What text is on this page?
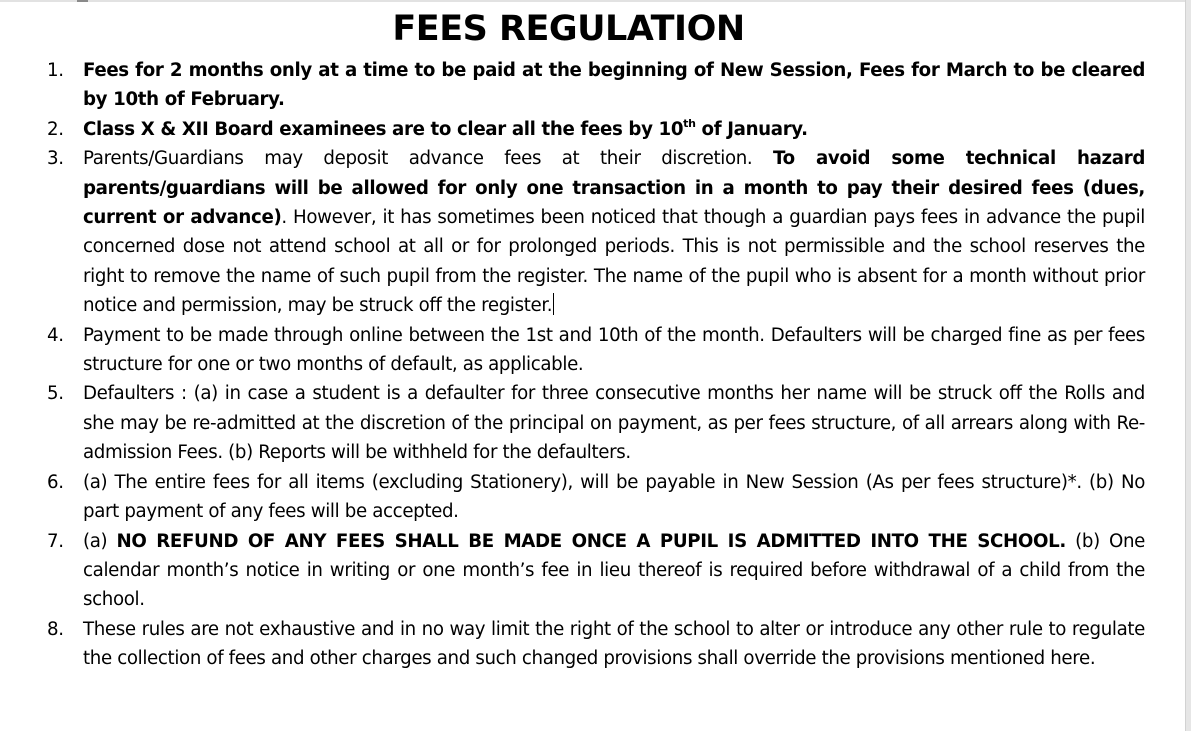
FEES REGULATION
1. Fees for 2 months only at a time to be paid at the beginning of New Session, Fees for March to be cleared by 10th of February.
2. Class X & XII Board examinees are to clear all the fees by 10th of January.
3. Parents/Guardians may deposit advance fees at their discretion. To avoid some technical hazard parents/guardians will be allowed for only one transaction in a month to pay their desired fees (dues, current or advance). However, it has sometimes been noticed that though a guardian pays fees in advance the pupil concerned dose not attend school at all or for prolonged periods. This is not permissible and the school reserves the right to remove the name of such pupil from the register. The name of the pupil who is absent for a month without prior notice and permission, may be struck off the register.
4. Payment to be made through online between the 1st and 10th of the month. Defaulters will be charged fine as per fees structure for one or two months of default, as applicable.
5. Defaulters : (a) in case a student is a defaulter for three consecutive months her name will be struck off the Rolls and she may be re-admitted at the discretion of the principal on payment, as per fees structure, of all arrears along with Re- admission Fees. (b) Reports will be withheld for the defaulters.
6. (a) The entire fees for all items (excluding Stationery), will be payable in New Session (As per fees structure)*. (b) No part payment of any fees will be accepted.
7. (a) NO REFUND OF ANY FEES SHALL BE MADE ONCE A PUPIL IS ADMITTED INTO THE SCHOOL. (b) One calendar month’s notice in writing or one month’s fee in lieu thereof is required before withdrawal of a child from the school.
8. These rules are not exhaustive and in no way limit the right of the school to alter or introduce any other rule to regulate the collection of fees and other charges and such changed provisions shall override the provisions mentioned here.
